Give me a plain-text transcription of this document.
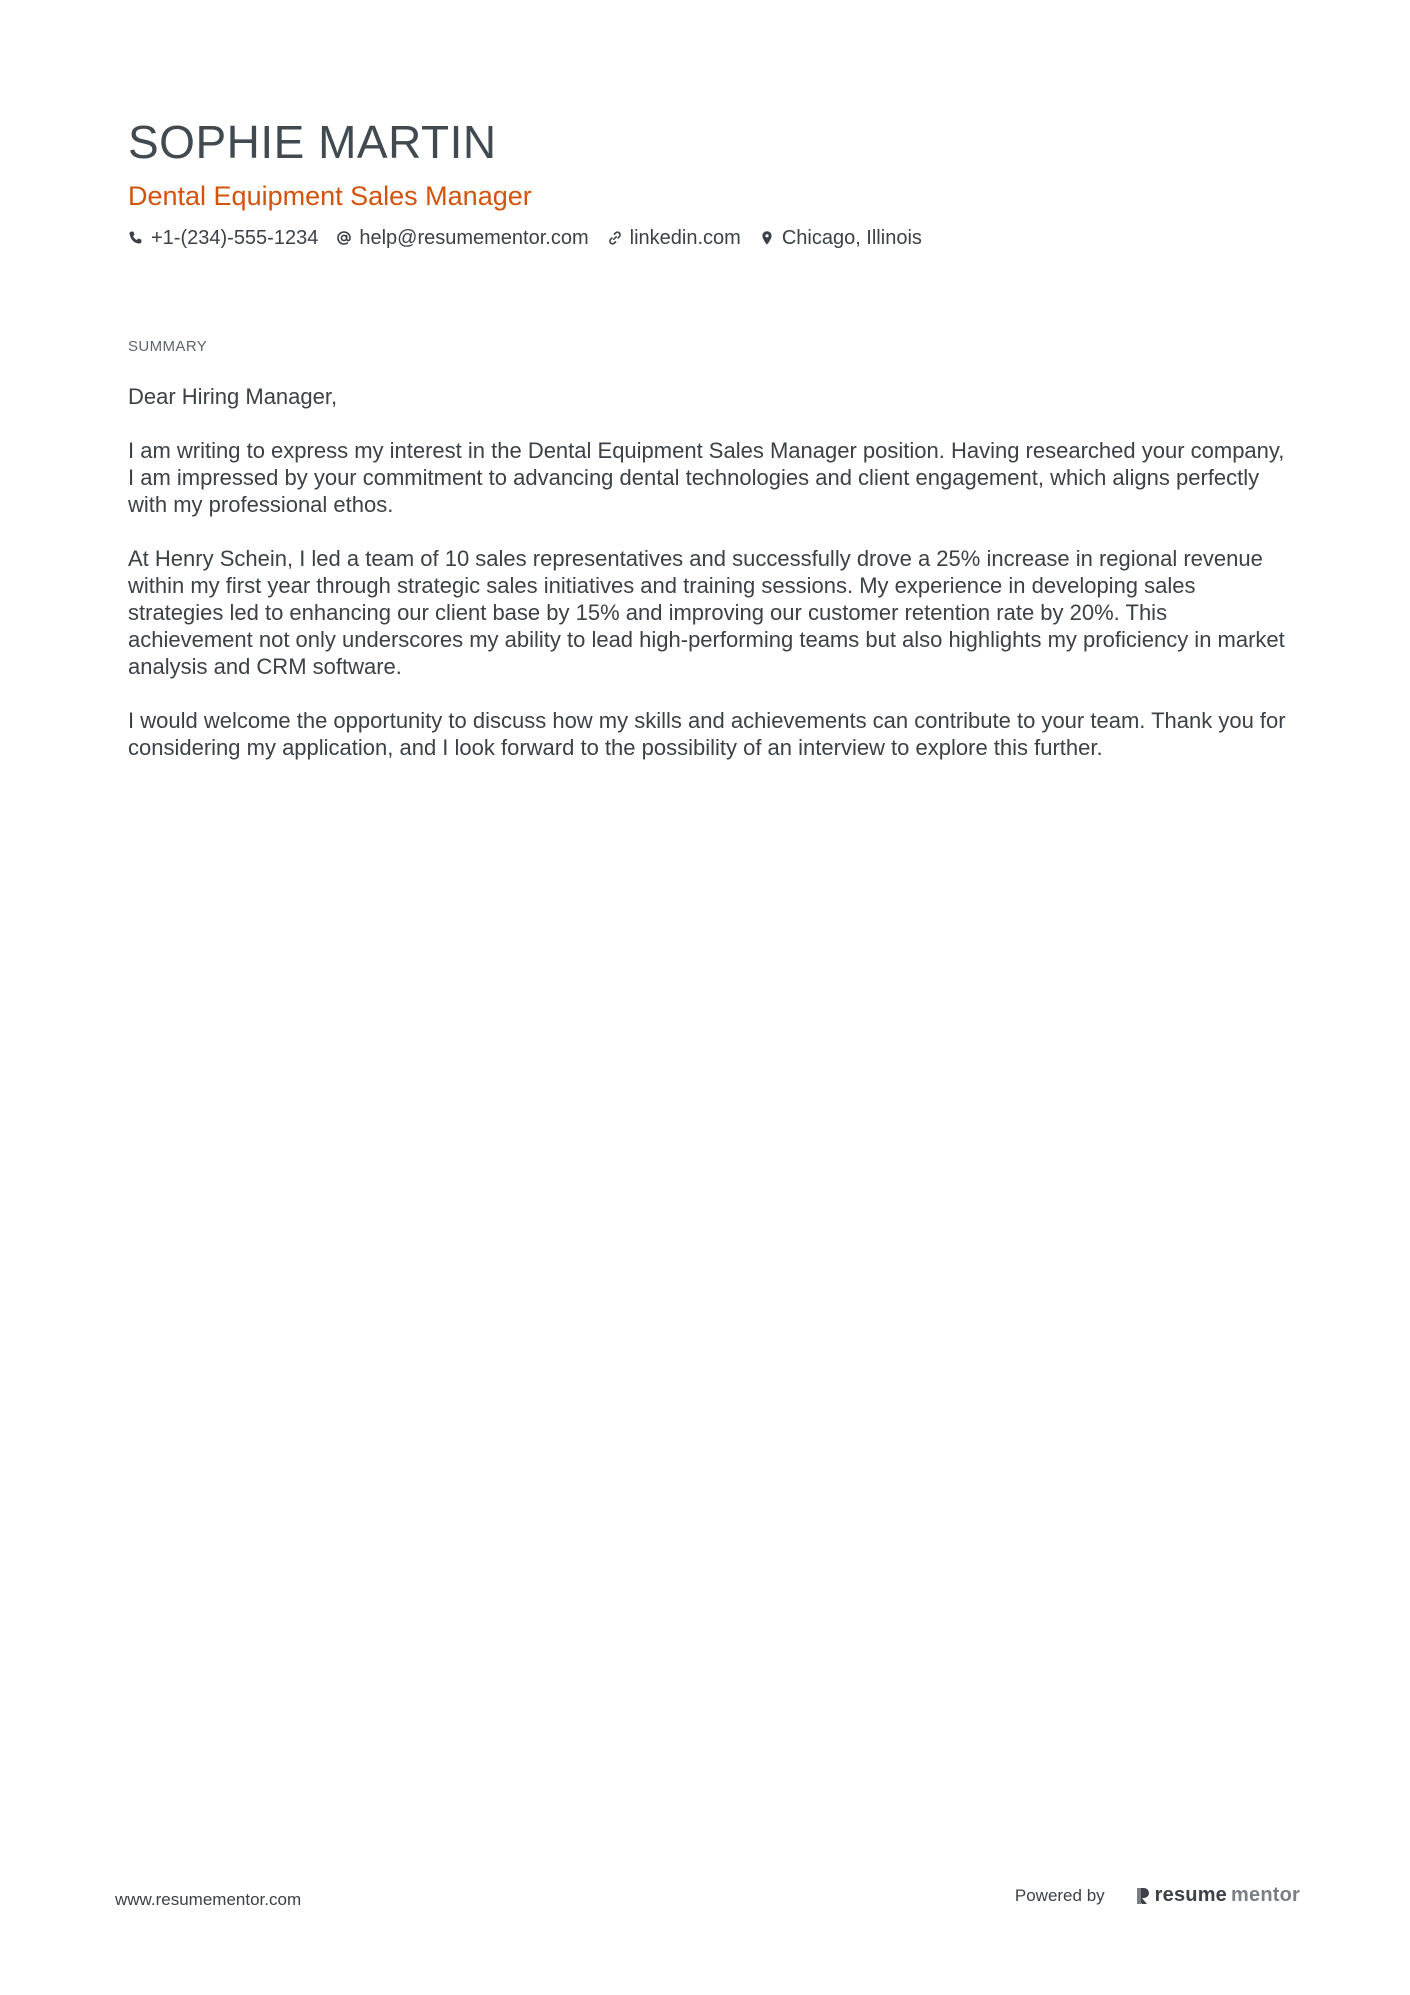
SOPHIE MARTIN
Dental Equipment Sales Manager
+1-(234)-555-1234 help@resumementor.com linkedin.com Chicago, Illinois
SUMMARY

Dear Hiring Manager,

I am writing to express my interest in the Dental Equipment Sales Manager position. Having researched your company, I am impressed by your commitment to advancing dental technologies and client engagement, which aligns perfectly with my professional ethos.

At Henry Schein, I led a team of 10 sales representatives and successfully drove a 25% increase in regional revenue within my first year through strategic sales initiatives and training sessions. My experience in developing sales strategies led to enhancing our client base by 15% and improving our customer retention rate by 20%. This achievement not only underscores my ability to lead high-performing teams but also highlights my proficiency in market analysis and CRM software.

I would welcome the opportunity to discuss how my skills and achievements can contribute to your team. Thank you for considering my application, and I look forward to the possibility of an interview to explore this further.

www.resumementor.com	Powered by	resume mentor
